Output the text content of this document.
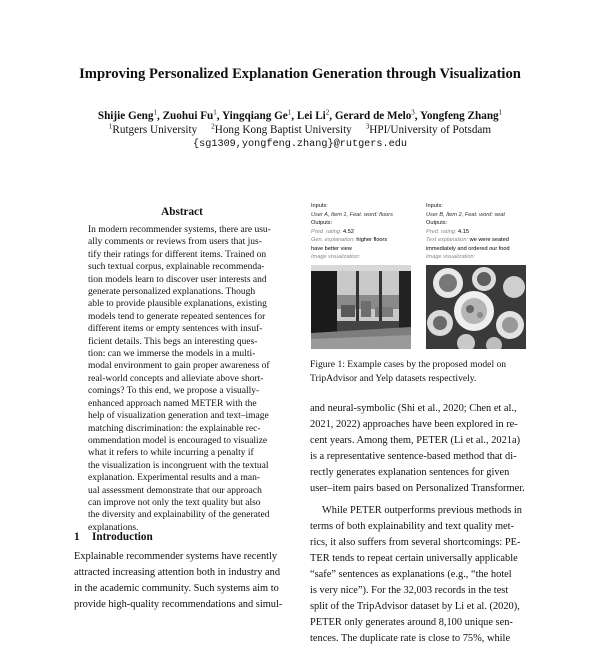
Improving Personalized Explanation Generation through Visualization
Shijie Geng$^1$, Zuohui Fu$^1$, Yingqiang Ge$^1$, Lei Li$^2$, Gerard de Melo$^3$, Yongfeng Zhang$^1$
$^1$Rutgers University $^2$Hong Kong Baptist University $^3$HPI/University of Potsdam
{sg1309,yongfeng.zhang}@rutgers.edu
Inputs:
User A, Item 1, Feat. word: floors
Outputs:
Pred. rating: 4.52
Gen. explanation: higher floors
have better view
Image visualization:
Inputs:
User B, Item 2, Feat. word: seat
Outputs:
Pred. rating: 4.15
Text explanation: we were seated
immediately and ordered our food
Image visualization:
Figure 1: Example cases by the proposed model on
TripAdvisor and Yelp datasets respectively.
Abstract
In modern recommender systems, there are usu-
ally comments or reviews from users that jus-
tify their ratings for different items. Trained on
such textual corpus, explainable recommenda-
tion models learn to discover user interests and
generate personalized explanations. Though
able to provide plausible explanations, existing
models tend to generate repeated sentences for
different items or empty sentences with insuf-
ficient details. This begs an interesting ques-
tion: can we immerse the models in a multi-
modal environment to gain proper awareness of
real-world concepts and alleviate above short-
comings? To this end, we propose a visually-
enhanced approach named METER with the
help of visualization generation and text–image
matching discrimination: the explainable rec-
ommendation model is encouraged to visualize
what it refers to while incurring a penalty if
the visualization is incongruent with the textual
explanation. Experimental results and a man-
ual assessment demonstrate that our approach
can improve not only the text quality but also
the diversity and explainability of the generated
explanations.
1 Introduction
Explainable recommender systems have recently
attracted increasing attention both in industry and
in the academic community. Such systems aim to
provide high-quality recommendations and simul-
and neural-symbolic (Shi et al., 2020; Chen et al.,
2021, 2022) approaches have been explored in re-
cent years. Among them, PETER (Li et al., 2021a)
is a representative sentence-based method that di-
rectly generates explanation sentences for given
user–item pairs based on Personalized Transformer.
While PETER outperforms previous methods in
terms of both explainability and text quality met-
rics, it also suffers from several shortcomings: PE-
TER tends to repeat certain universally applicable
“safe” sentences as explanations (e.g., “the hotel
is very nice”). For the 32,003 records in the test
split of the TripAdvisor dataset by Li et al. (2020),
PETER only generates around 8,100 unique sen-
tences. The duplicate rate is close to 75%, while
